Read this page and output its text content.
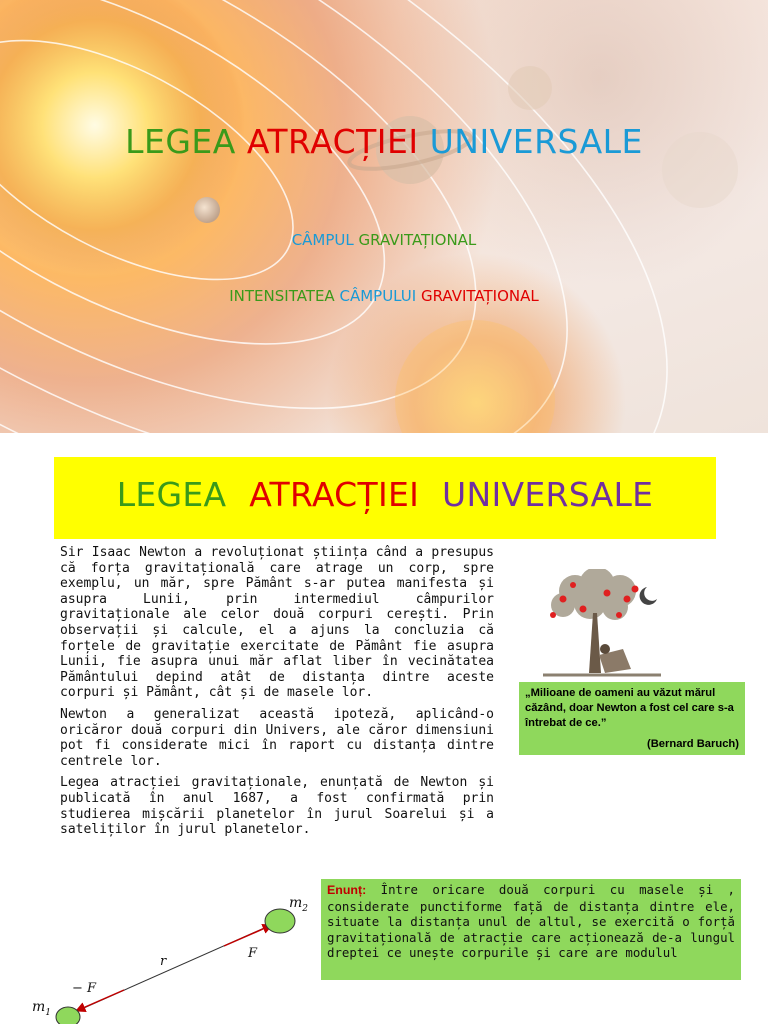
LEGEA ATRACȚIEI UNIVERSALE
CÂMPUL GRAVITAȚIONAL
INTENSITATEA CÂMPULUI GRAVITAȚIONAL
LEGEA ATRACȚIEI UNIVERSALE

Sir Isaac Newton a revoluționat știința când a presupus că forța gravitațională care atrage un corp, spre exemplu, un măr, spre Pământ s-ar putea manifesta și asupra Lunii, prin intermediul câmpurilor gravitaționale ale celor două corpuri cerești. Prin observații și calcule, el a ajuns la concluzia că forțele de gravitație exercitate de Pământ fie asupra Lunii, fie asupra unui măr aflat liber în vecinătatea Pământului depind atât de distanța dintre aceste corpuri și Pământ, cât și de masele lor.

Newton a generalizat această ipoteză, aplicând-o oricăror două corpuri din Univers, ale căror dimensiuni pot fi considerate mici în raport cu distanța dintre centrele lor.

Legea atracției gravitaționale, enunțată de Newton și publicată în anul 1687, a fost confirmată prin studierea mișcării planetelor în jurul Soarelui și a sateliților în jurul planetelor.

„Milioane de oameni au văzut mărul căzând, doar Newton a fost cel care s-a întrebat de ce.”
(Bernard Baruch)
$m_2$
$m_1$
F
r
− F
Enunț: Între oricare două corpuri cu masele și , considerate punctiforme față de distanța dintre ele, situate la distanța unul de altul, se exercită o forță gravitațională de atracție care acționează de-a lungul dreptei ce unește corpurile și care are modulul
